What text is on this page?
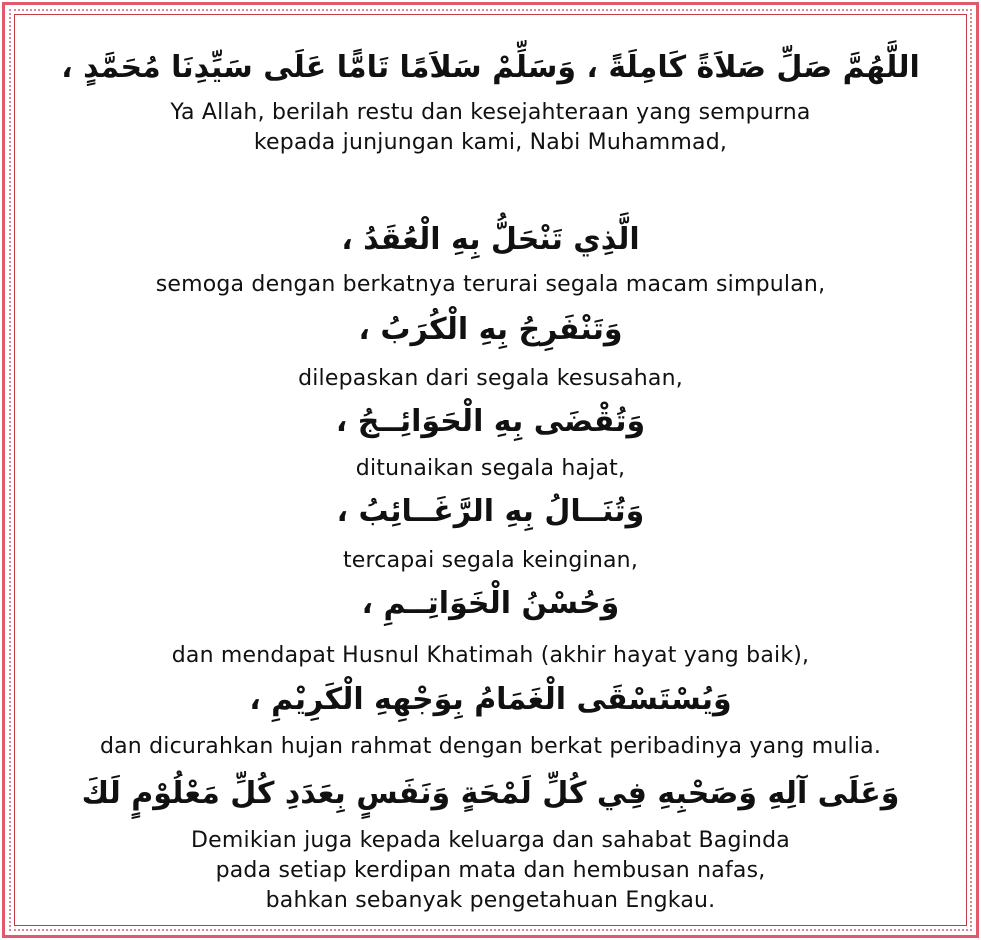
اللَّهُمَّ صَلِّ صَلاَةً كَامِلَةً ، وَسَلِّمْ سَلاَمًا تَامًّا عَلَى سَيِّدِنَا مُحَمَّدٍ ،
Ya Allah, berilah restu dan kesejahteraan yang sempurna
kepada junjungan kami, Nabi Muhammad,
الَّذِي تَنْحَلُّ بِهِ الْعُقَدُ ،
semoga dengan berkatnya terurai segala macam simpulan,
وَتَنْفَرِجُ بِهِ الْكُرَبُ ،
dilepaskan dari segala kesusahan,
وَتُقْضَى بِهِ الْحَوَائِــجُ ،
ditunaikan segala hajat,
وَتُنَــالُ بِهِ الرَّغَــائِبُ ،
tercapai segala keinginan,
وَحُسْنُ الْخَوَاتِــمِ ،
dan mendapat Husnul Khatimah (akhir hayat yang baik),
وَيُسْتَسْقَى الْغَمَامُ بِوَجْهِهِ الْكَرِيْمِ ،
dan dicurahkan hujan rahmat dengan berkat peribadinya yang mulia.
وَعَلَى آلِهِ وَصَحْبِهِ فِي كُلِّ لَمْحَةٍ وَنَفَسٍ بِعَدَدِ كُلِّ مَعْلُوْمٍ لَكَ
Demikian juga kepada keluarga dan sahabat Baginda
pada setiap kerdipan mata dan hembusan nafas,
bahkan sebanyak pengetahuan Engkau.
